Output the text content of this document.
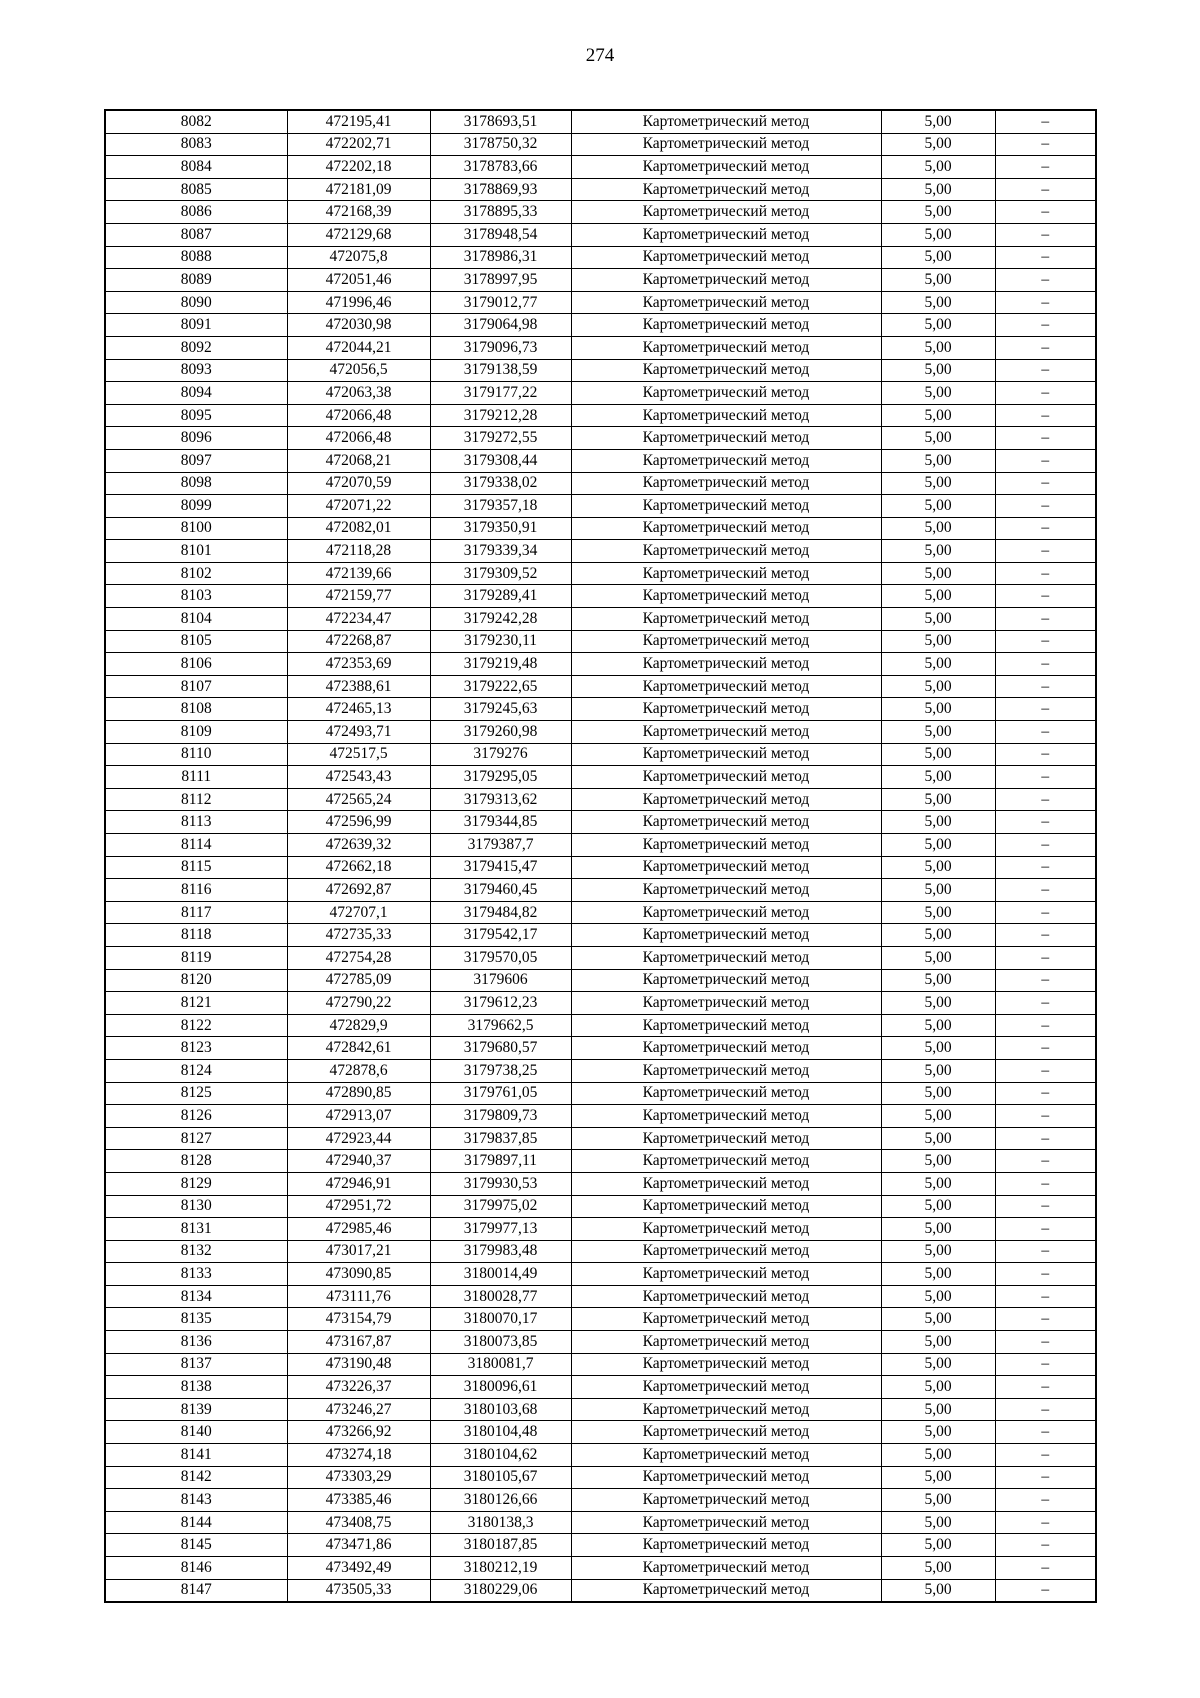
274
8082	472195,41	3178693,51	Картометрический метод	5,00	–
8083	472202,71	3178750,32	Картометрический метод	5,00	–
8084	472202,18	3178783,66	Картометрический метод	5,00	–
8085	472181,09	3178869,93	Картометрический метод	5,00	–
8086	472168,39	3178895,33	Картометрический метод	5,00	–
8087	472129,68	3178948,54	Картометрический метод	5,00	–
8088	472075,8	3178986,31	Картометрический метод	5,00	–
8089	472051,46	3178997,95	Картометрический метод	5,00	–
8090	471996,46	3179012,77	Картометрический метод	5,00	–
8091	472030,98	3179064,98	Картометрический метод	5,00	–
8092	472044,21	3179096,73	Картометрический метод	5,00	–
8093	472056,5	3179138,59	Картометрический метод	5,00	–
8094	472063,38	3179177,22	Картометрический метод	5,00	–
8095	472066,48	3179212,28	Картометрический метод	5,00	–
8096	472066,48	3179272,55	Картометрический метод	5,00	–
8097	472068,21	3179308,44	Картометрический метод	5,00	–
8098	472070,59	3179338,02	Картометрический метод	5,00	–
8099	472071,22	3179357,18	Картометрический метод	5,00	–
8100	472082,01	3179350,91	Картометрический метод	5,00	–
8101	472118,28	3179339,34	Картометрический метод	5,00	–
8102	472139,66	3179309,52	Картометрический метод	5,00	–
8103	472159,77	3179289,41	Картометрический метод	5,00	–
8104	472234,47	3179242,28	Картометрический метод	5,00	–
8105	472268,87	3179230,11	Картометрический метод	5,00	–
8106	472353,69	3179219,48	Картометрический метод	5,00	–
8107	472388,61	3179222,65	Картометрический метод	5,00	–
8108	472465,13	3179245,63	Картометрический метод	5,00	–
8109	472493,71	3179260,98	Картометрический метод	5,00	–
8110	472517,5	3179276	Картометрический метод	5,00	–
8111	472543,43	3179295,05	Картометрический метод	5,00	–
8112	472565,24	3179313,62	Картометрический метод	5,00	–
8113	472596,99	3179344,85	Картометрический метод	5,00	–
8114	472639,32	3179387,7	Картометрический метод	5,00	–
8115	472662,18	3179415,47	Картометрический метод	5,00	–
8116	472692,87	3179460,45	Картометрический метод	5,00	–
8117	472707,1	3179484,82	Картометрический метод	5,00	–
8118	472735,33	3179542,17	Картометрический метод	5,00	–
8119	472754,28	3179570,05	Картометрический метод	5,00	–
8120	472785,09	3179606	Картометрический метод	5,00	–
8121	472790,22	3179612,23	Картометрический метод	5,00	–
8122	472829,9	3179662,5	Картометрический метод	5,00	–
8123	472842,61	3179680,57	Картометрический метод	5,00	–
8124	472878,6	3179738,25	Картометрический метод	5,00	–
8125	472890,85	3179761,05	Картометрический метод	5,00	–
8126	472913,07	3179809,73	Картометрический метод	5,00	–
8127	472923,44	3179837,85	Картометрический метод	5,00	–
8128	472940,37	3179897,11	Картометрический метод	5,00	–
8129	472946,91	3179930,53	Картометрический метод	5,00	–
8130	472951,72	3179975,02	Картометрический метод	5,00	–
8131	472985,46	3179977,13	Картометрический метод	5,00	–
8132	473017,21	3179983,48	Картометрический метод	5,00	–
8133	473090,85	3180014,49	Картометрический метод	5,00	–
8134	473111,76	3180028,77	Картометрический метод	5,00	–
8135	473154,79	3180070,17	Картометрический метод	5,00	–
8136	473167,87	3180073,85	Картометрический метод	5,00	–
8137	473190,48	3180081,7	Картометрический метод	5,00	–
8138	473226,37	3180096,61	Картометрический метод	5,00	–
8139	473246,27	3180103,68	Картометрический метод	5,00	–
8140	473266,92	3180104,48	Картометрический метод	5,00	–
8141	473274,18	3180104,62	Картометрический метод	5,00	–
8142	473303,29	3180105,67	Картометрический метод	5,00	–
8143	473385,46	3180126,66	Картометрический метод	5,00	–
8144	473408,75	3180138,3	Картометрический метод	5,00	–
8145	473471,86	3180187,85	Картометрический метод	5,00	–
8146	473492,49	3180212,19	Картометрический метод	5,00	–
8147	473505,33	3180229,06	Картометрический метод	5,00	–
